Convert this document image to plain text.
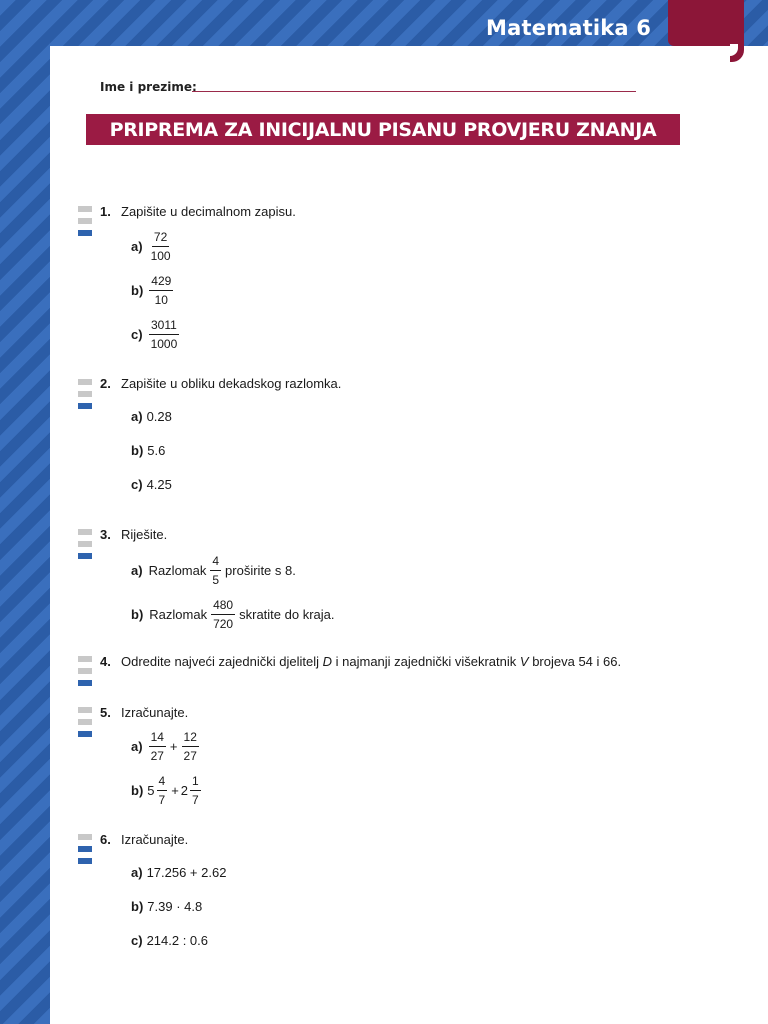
Matematika 6
Ime i prezime:
PRIPREMA ZA INICIJALNU PISANU PROVJERU ZNANJA
1. Zapišite u decimalnom zapisu.
$a) \frac{72}{100}$
$b) \frac{429}{10}$
$c) \frac{3011}{1000}$
2. Zapišite u obliku dekadskog razlomka.
a) 0.28
b) 5.6
c) 4.25
3. Riješite.
a) Razlomak $\frac{4}{5}$ proširite s 8.
b) Razlomak $\frac{480}{720}$ skratite do kraja.
4. Odredite najveći zajednički djelitelj D i najmanji zajednički višekratnik V brojeva 54 i 66.
5. Izračunajte.
$a) \frac{14}{27} + \frac{12}{27}$
b) $5 \frac{4}{7} + 2 \frac{1}{7}$
6. Izračunajte.
a) 17.256 + 2.62
b) 7.39 · 4.8
c) 214.2 : 0.6
